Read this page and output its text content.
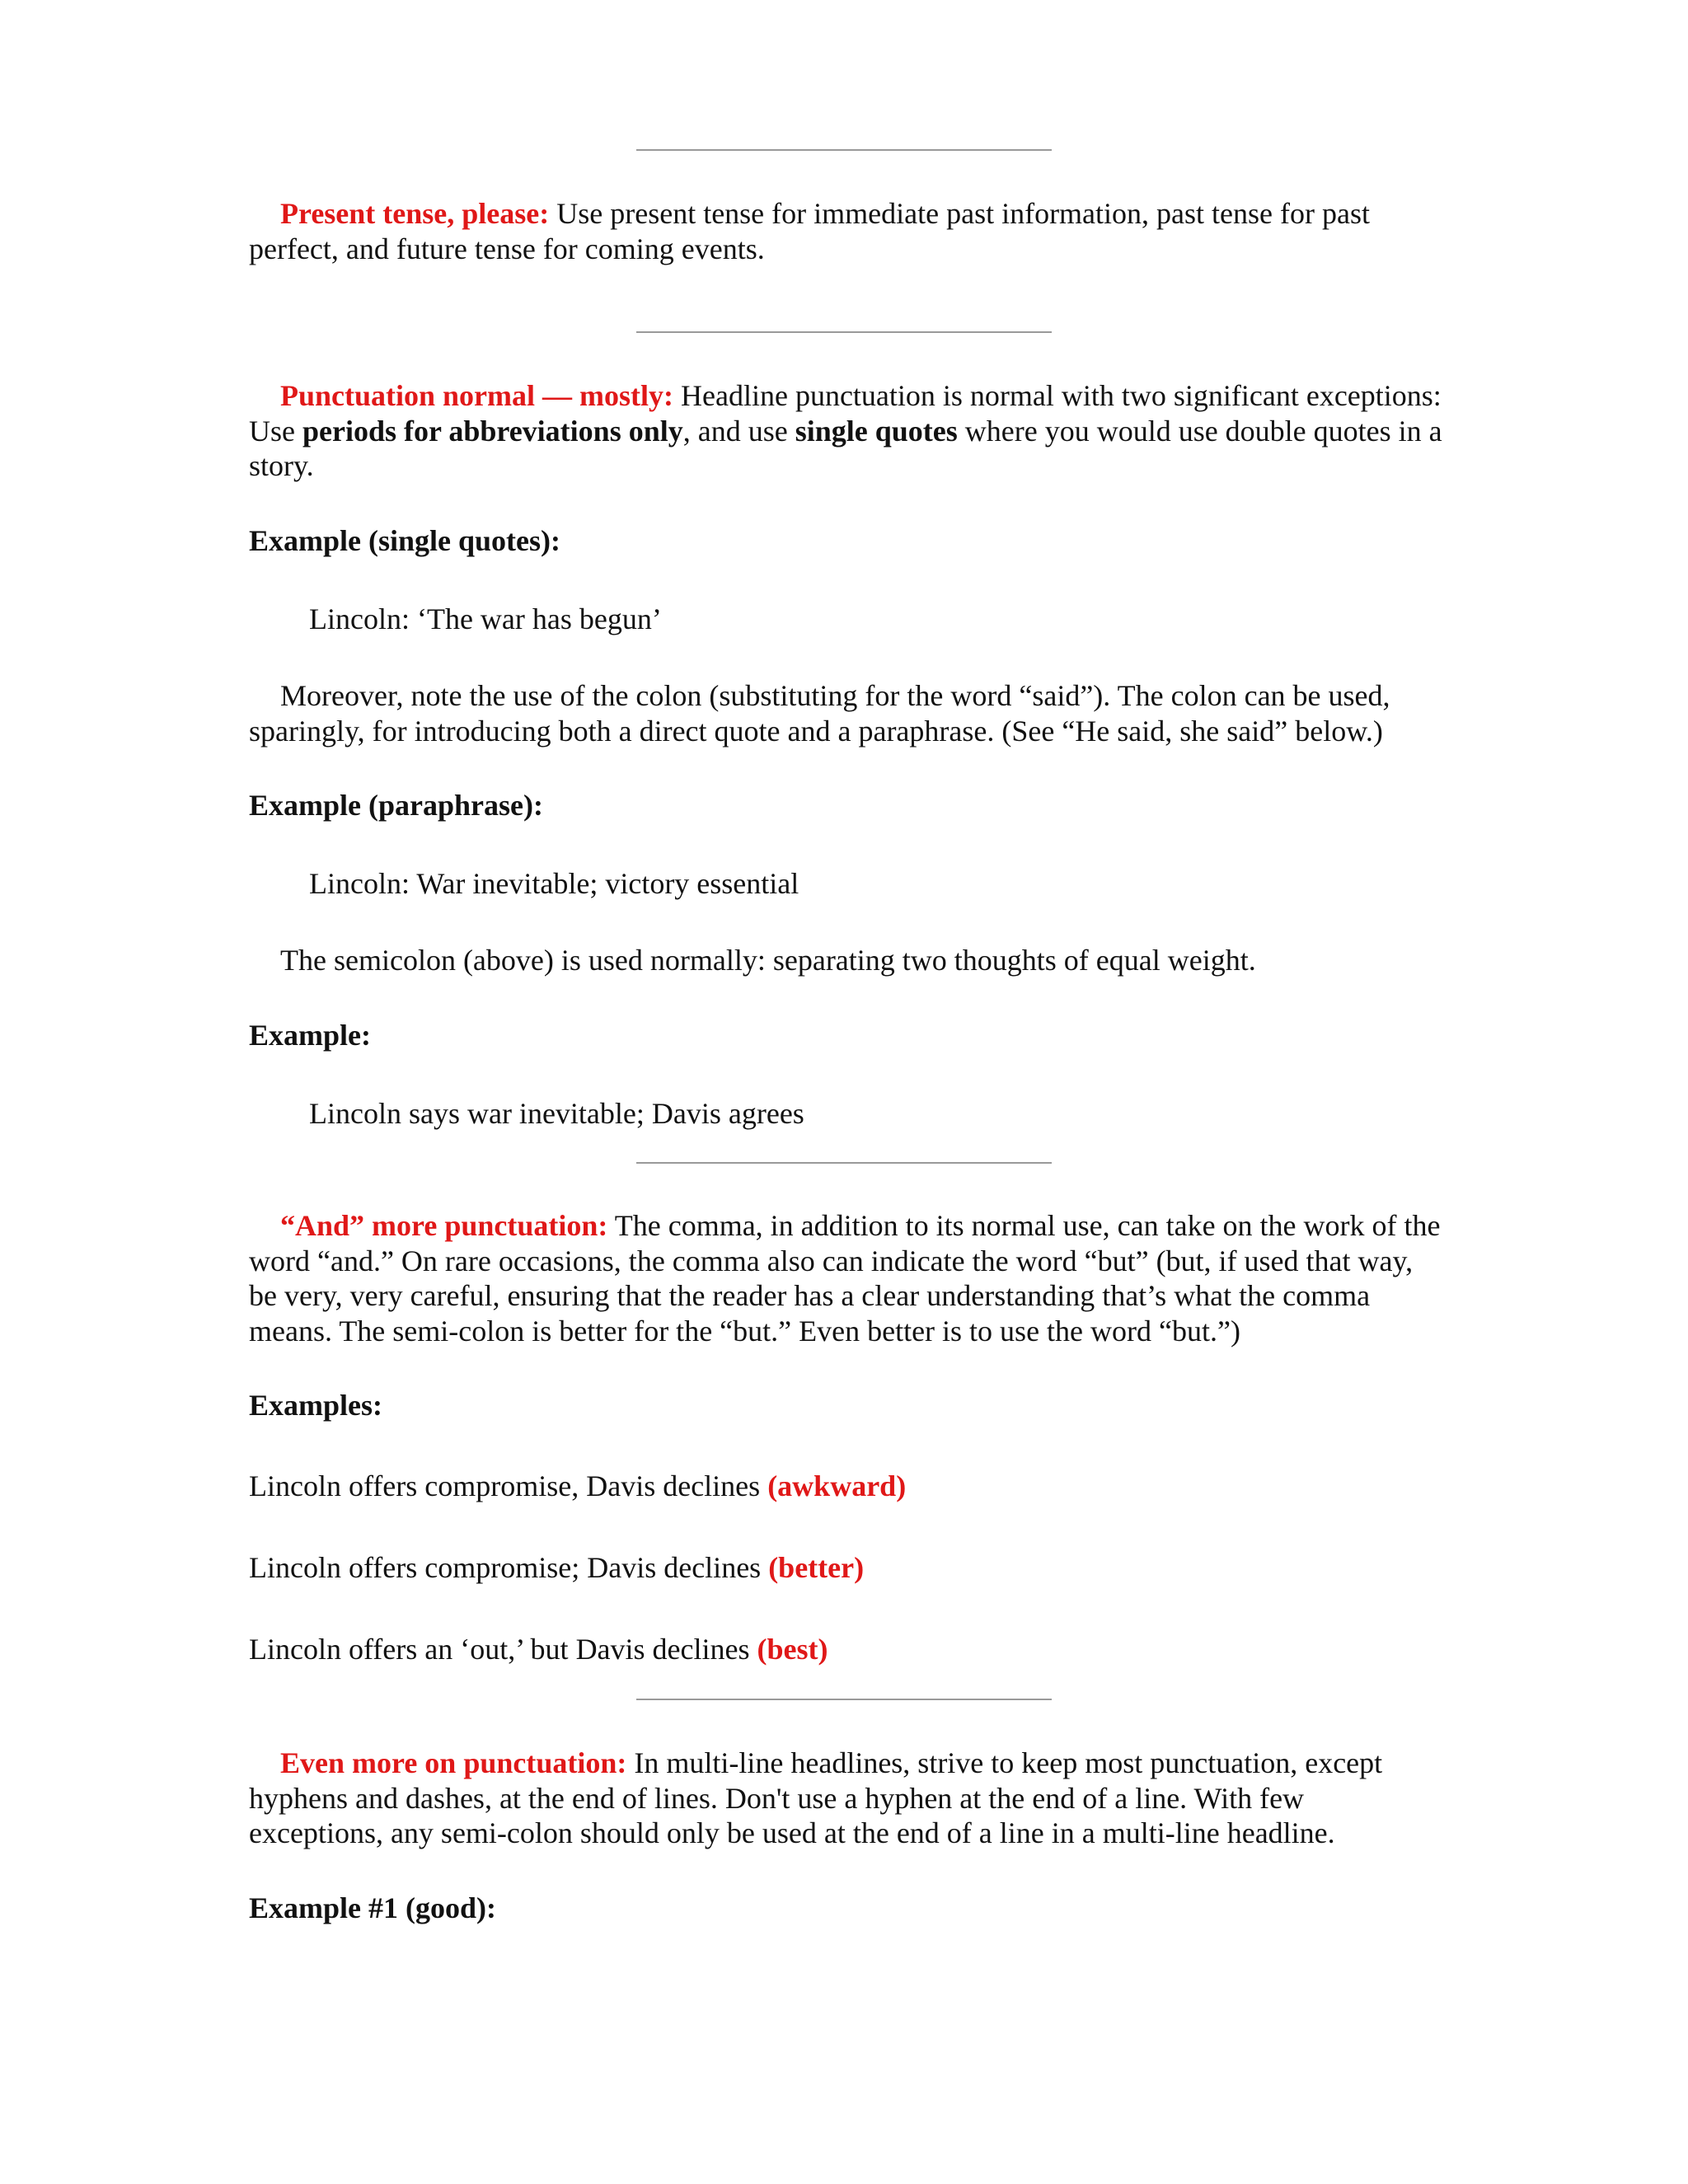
Present tense, please: Use present tense for immediate past information, past tense for past perfect, and future tense for coming events.

Punctuation normal — mostly: Headline punctuation is normal with two significant exceptions: Use periods for abbreviations only, and use single quotes where you would use double quotes in a story.

Example (single quotes):

Lincoln: ‘The war has begun’

Moreover, note the use of the colon (substituting for the word “said”). The colon can be used, sparingly, for introducing both a direct quote and a paraphrase. (See “He said, she said” below.)

Example (paraphrase):

Lincoln: War inevitable; victory essential

The semicolon (above) is used normally: separating two thoughts of equal weight.

Example:

Lincoln says war inevitable; Davis agrees

“And” more punctuation: The comma, in addition to its normal use, can take on the work of the word “and.” On rare occasions, the comma also can indicate the word “but” (but, if used that way, be very, very careful, ensuring that the reader has a clear understanding that’s what the comma means. The semi-colon is better for the “but.” Even better is to use the word “but.”)

Examples:

Lincoln offers compromise, Davis declines (awkward)

Lincoln offers compromise; Davis declines (better)

Lincoln offers an ‘out,’ but Davis declines (best)

Even more on punctuation: In multi-line headlines, strive to keep most punctuation, except hyphens and dashes, at the end of lines. Don't use a hyphen at the end of a line. With few exceptions, any semi-colon should only be used at the end of a line in a multi-line headline.

Example #1 (good):
